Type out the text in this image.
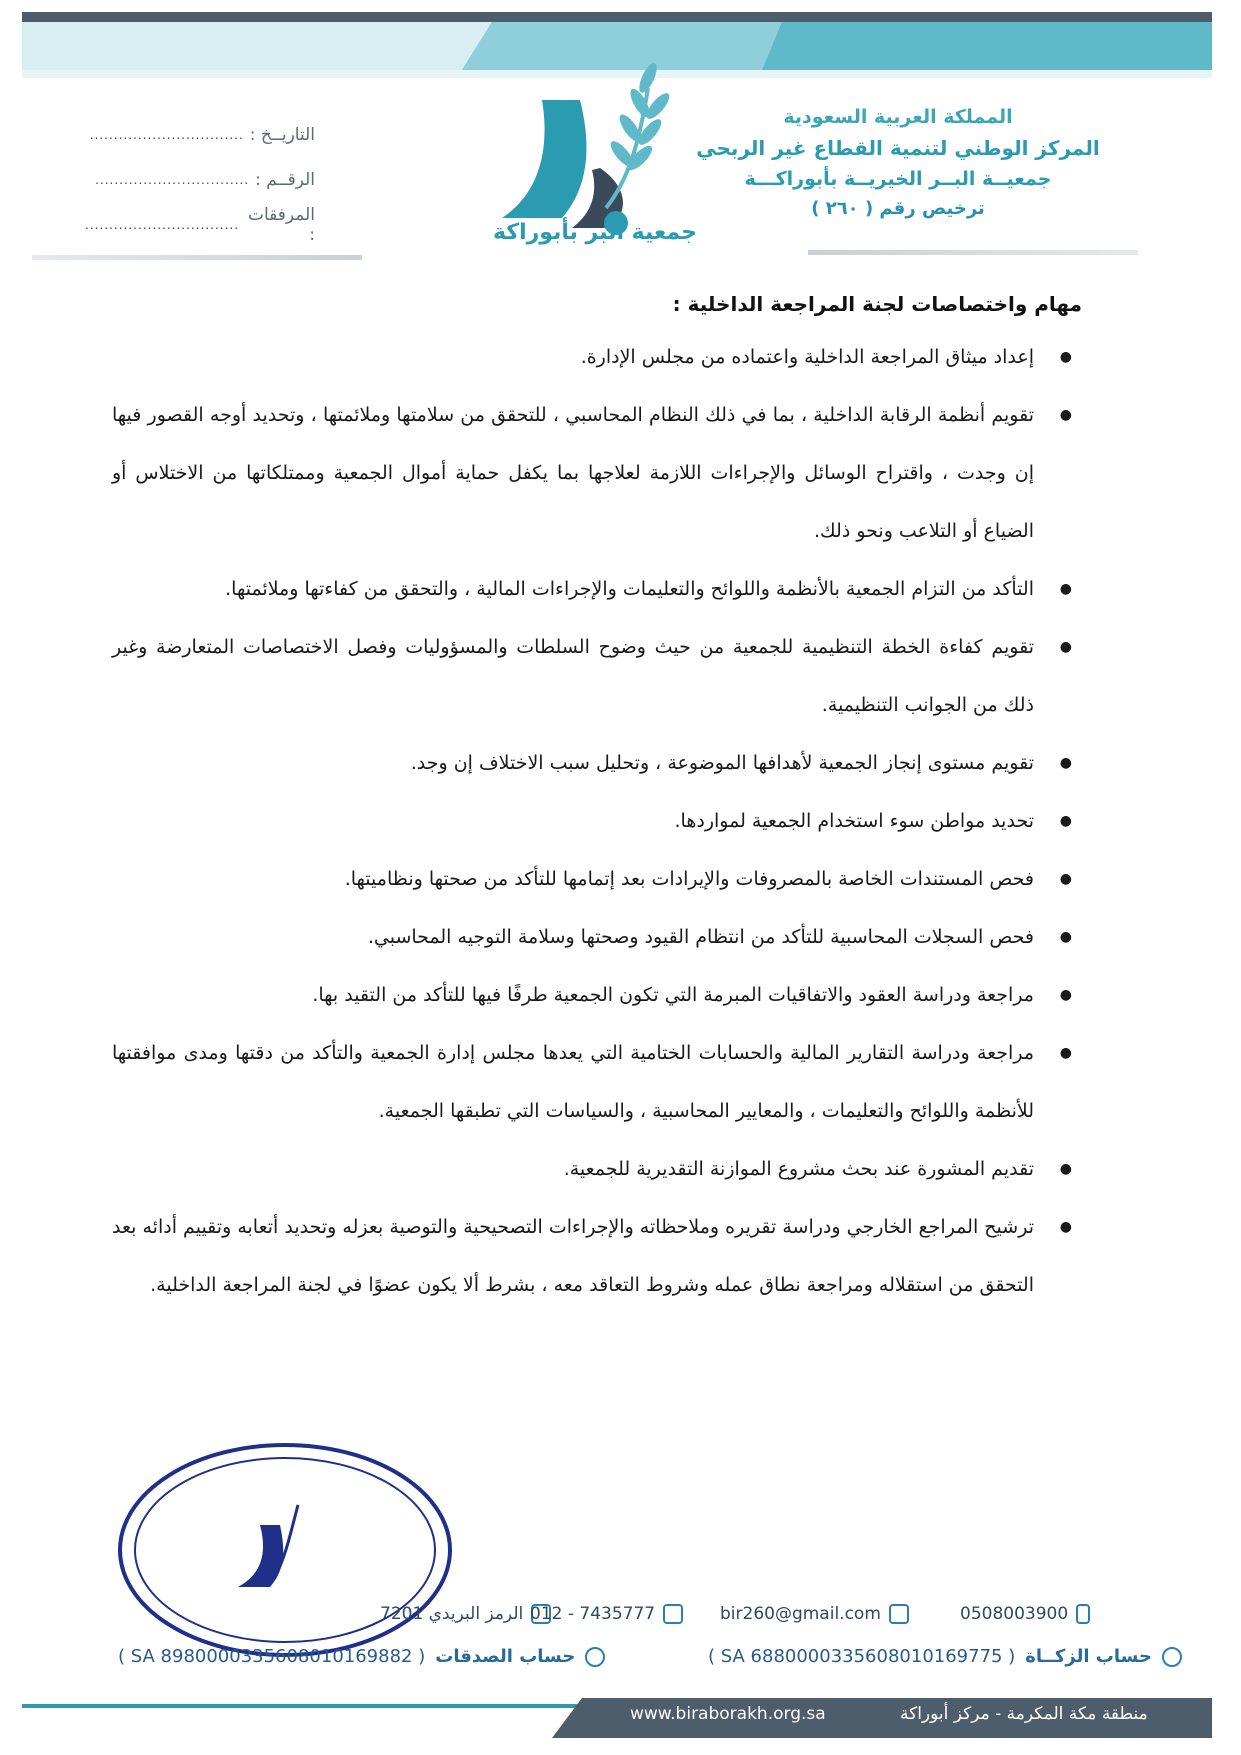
المملكة العربية السعودية
المركز الوطني لتنمية القطاع غير الربحي
جمعيــة البــر الخيريــة بأبوراكـــة
ترخيص رقم ( ٢٦٠ )
التاريــخ :
................................
الرقــم :
................................
المرفقات :
................................	جمعية البر بأبوراكة
مهام واختصاصات لجنة المراجعة الداخلية :
● إعداد ميثاق المراجعة الداخلية واعتماده من مجلس الإدارة.
● تقويم أنظمة الرقابة الداخلية ، بما في ذلك النظام المحاسبي ، للتحقق من سلامتها وملائمتها ، وتحديد أوجه القصور فيها إن وجدت ، واقتراح الوسائل والإجراءات اللازمة لعلاجها بما يكفل حماية أموال الجمعية وممتلكاتها من الاختلاس أو الضياع أو التلاعب ونحو ذلك.
● التأكد من التزام الجمعية بالأنظمة واللوائح والتعليمات والإجراءات المالية ، والتحقق من كفاءتها وملائمتها.
● تقويم كفاءة الخطة التنظيمية للجمعية من حيث وضوح السلطات والمسؤوليات وفصل الاختصاصات المتعارضة وغير ذلك من الجوانب التنظيمية.
● تقويم مستوى إنجاز الجمعية لأهدافها الموضوعة ، وتحليل سبب الاختلاف إن وجد.
● تحديد مواطن سوء استخدام الجمعية لمواردها.
● فحص المستندات الخاصة بالمصروفات والإيرادات بعد إتمامها للتأكد من صحتها ونظاميتها.
● فحص السجلات المحاسبية للتأكد من انتظام القيود وصحتها وسلامة التوجيه المحاسبي.
● مراجعة ودراسة العقود والاتفاقيات المبرمة التي تكون الجمعية طرفًا فيها للتأكد من التقيد بها.
● مراجعة ودراسة التقارير المالية والحسابات الختامية التي يعدها مجلس إدارة الجمعية والتأكد من دقتها ومدى موافقتها للأنظمة واللوائح والتعليمات ، والمعايير المحاسبية ، والسياسات التي تطبقها الجمعية.
● تقديم المشورة عند بحث مشروع الموازنة التقديرية للجمعية.
● ترشيح المراجع الخارجي ودراسة تقريره وملاحظاته والإجراءات التصحيحية والتوصية بعزله وتحديد أتعابه وتقييم أدائه بعد التحقق من استقلاله ومراجعة نطاق عمله وشروط التعاقد معه ، بشرط ألا يكون عضوًا في لجنة المراجعة الداخلية.
الرمز البريدي 7201 012 - 7435777	bir260@gmail.com	0508003900
( SA 8980000335608010169882 ) حساب الصدقات	( SA 6880000335608010169775 ) حساب الزكــاة
www.biraborakh.org.sa	منطقة مكة المكرمة - مركز أبوراكة
